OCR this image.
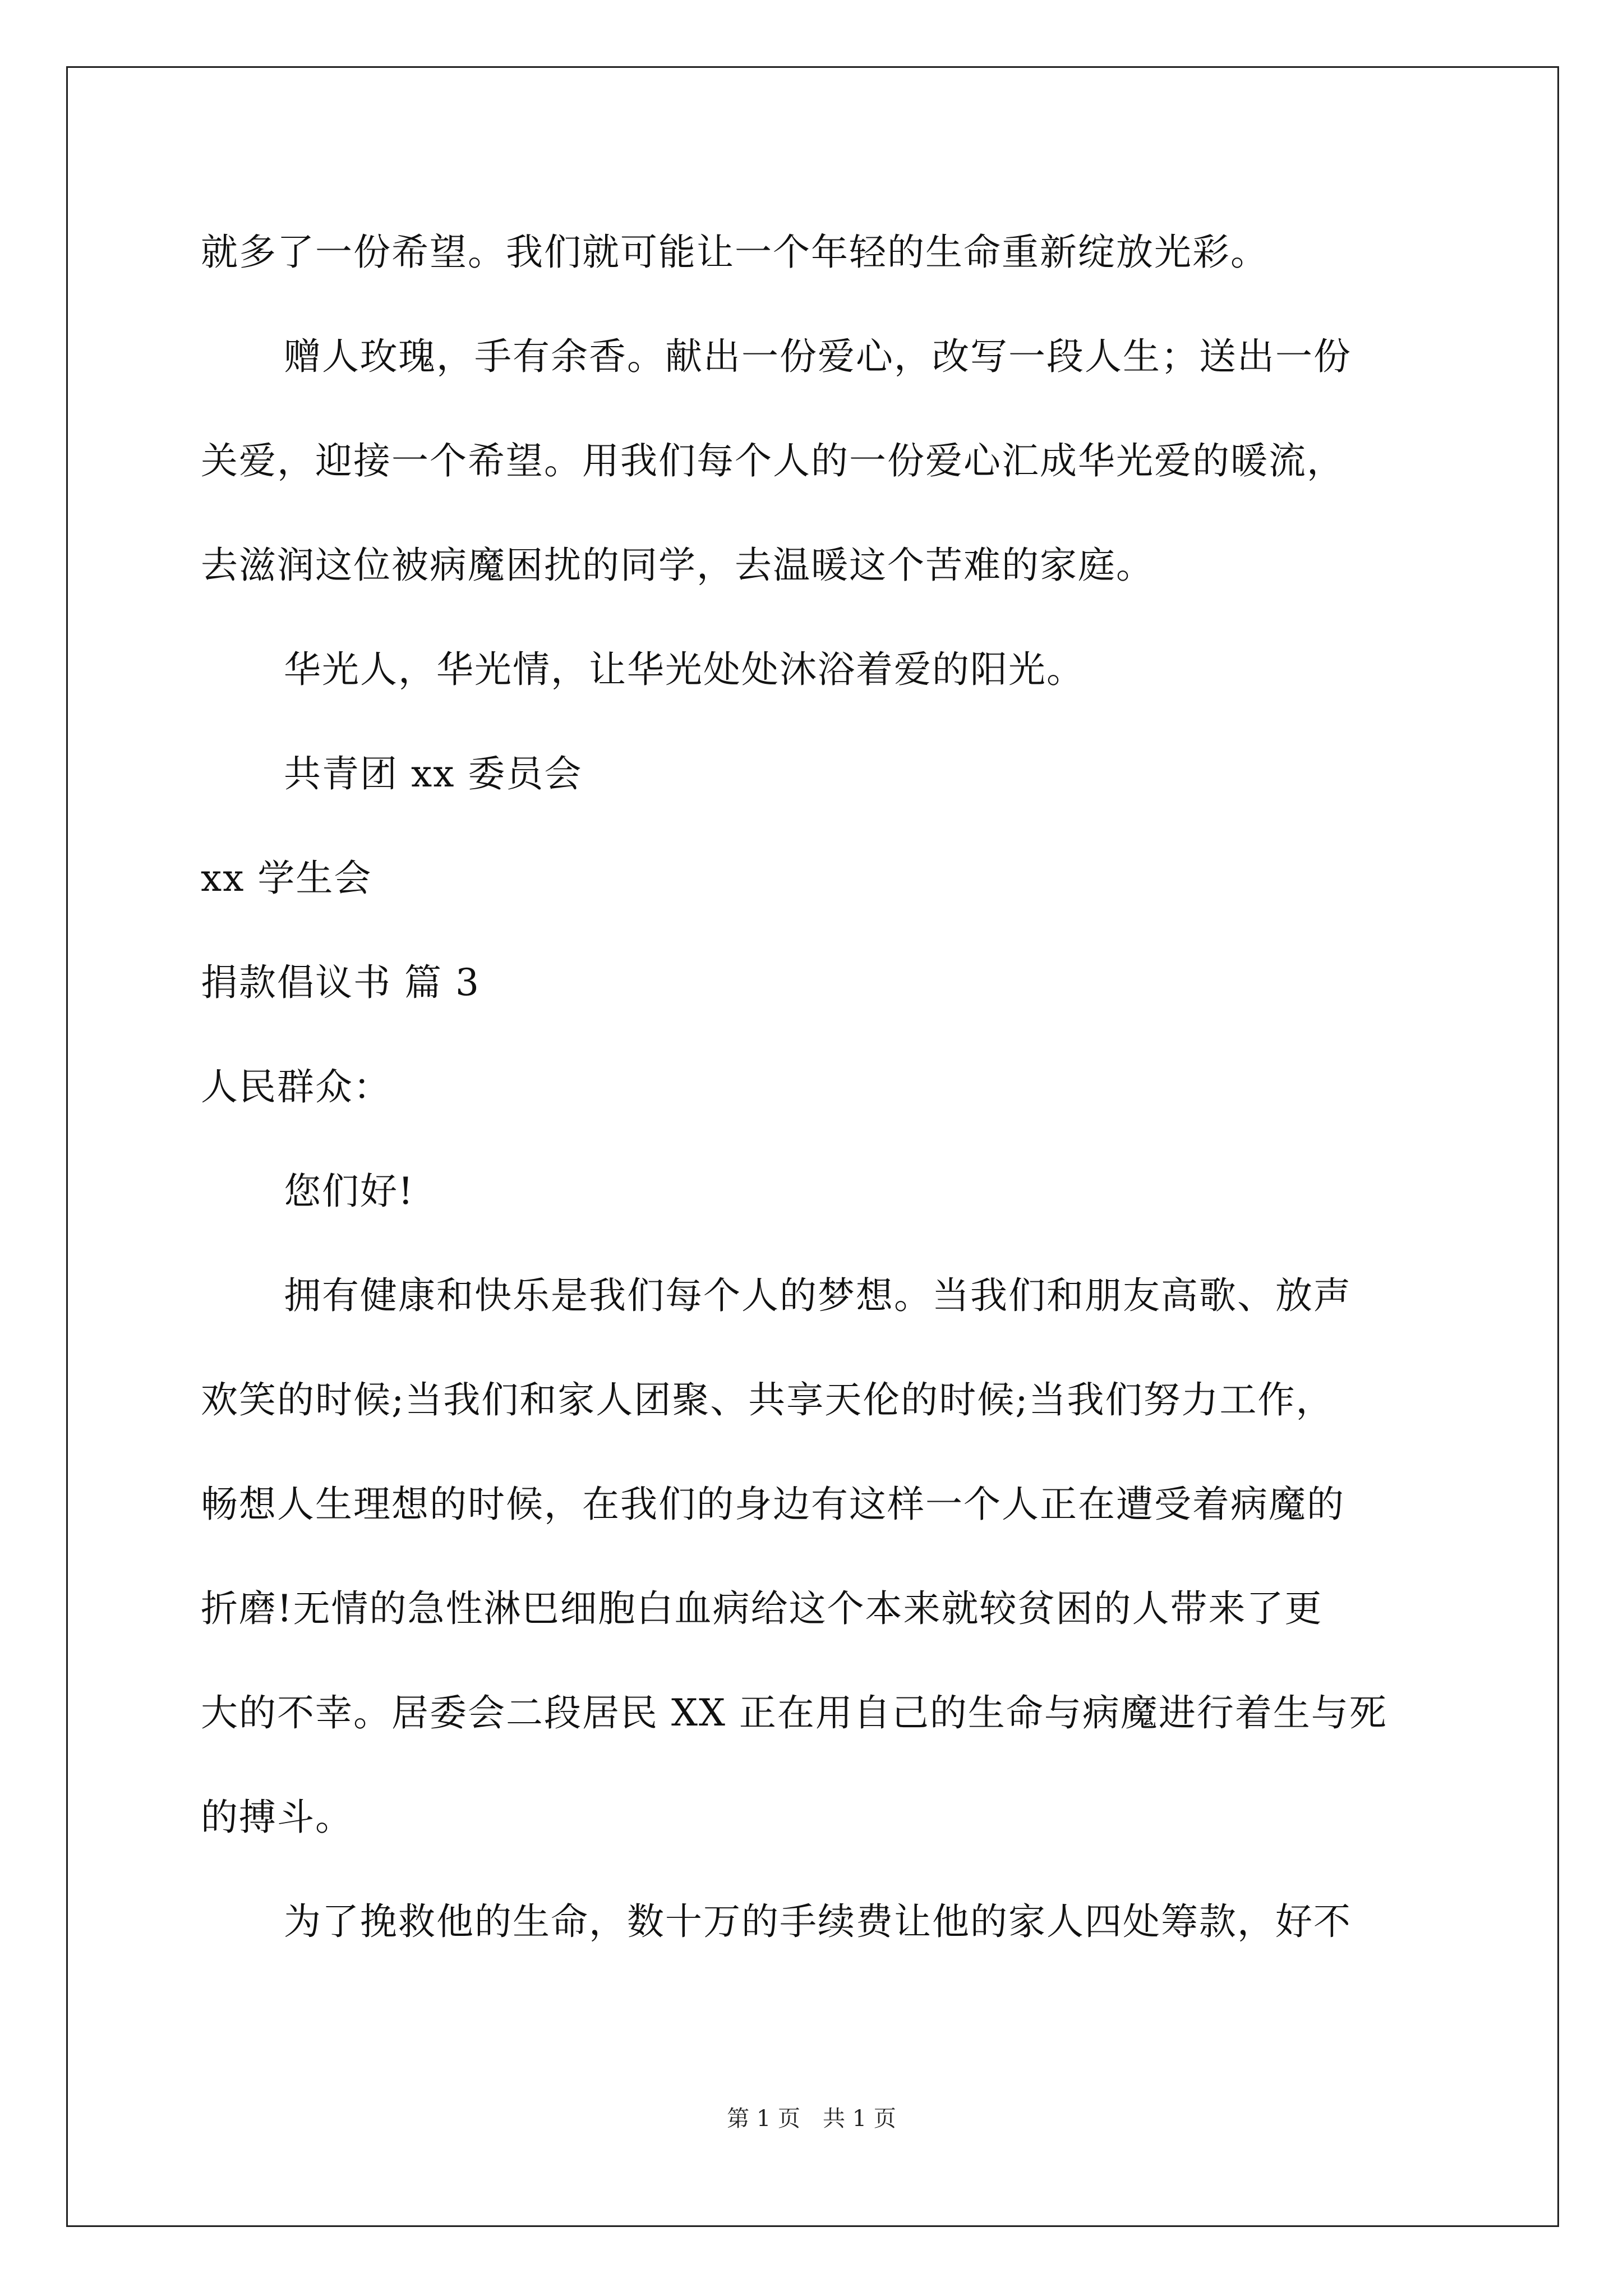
就多了一份希望。我们就可能让一个年轻的生命重新绽放光彩。
赠人玫瑰，手有余香。献出一份爱心，改写一段人生；送出一份
关爱，迎接一个希望。用我们每个人的一份爱心汇成华光爱的暖流，
去滋润这位被病魔困扰的同学，去温暖这个苦难的家庭。
华光人，华光情，让华光处处沐浴着爱的阳光。
共青团 xx 委员会
xx 学生会
捐款倡议书 篇 3
人民群众：
您们好!
拥有健康和快乐是我们每个人的梦想。当我们和朋友高歌、放声
欢笑的时候;当我们和家人团聚、共享天伦的时候;当我们努力工作，
畅想人生理想的时候，在我们的身边有这样一个人正在遭受着病魔的
折磨!无情的急性淋巴细胞白血病给这个本来就较贫困的人带来了更
大的不幸。居委会二段居民 XX 正在用自己的生命与病魔进行着生与死
的搏斗。
为了挽救他的生命，数十万的手续费让他的家人四处筹款，好不
第 1 页　共 1 页
